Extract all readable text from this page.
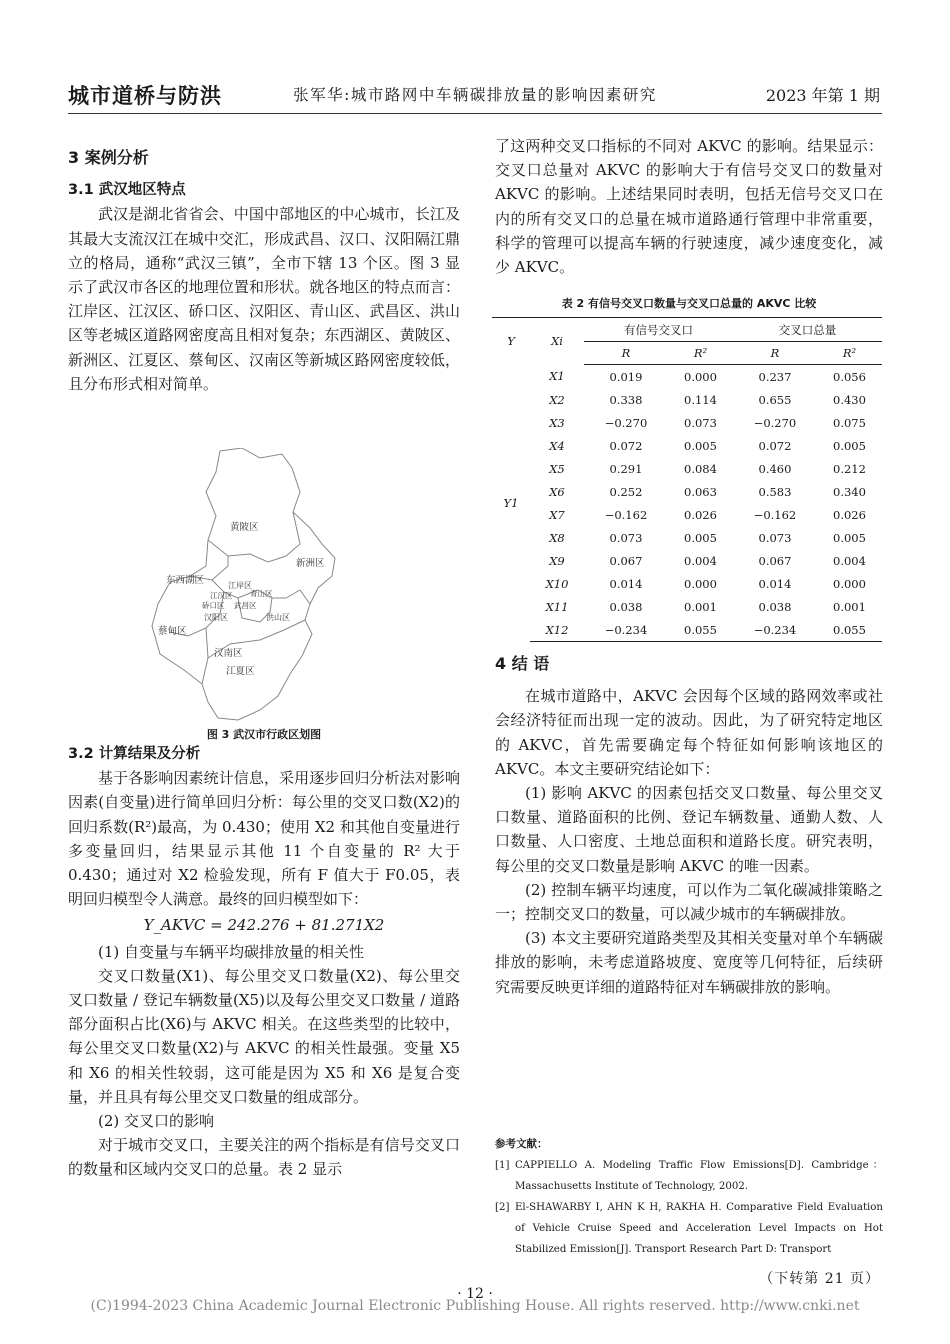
城市道桥与防洪	张军华:城市路网中车辆碳排放量的影响因素研究	2023 年第 1 期
3 案例分析
3.1 武汉地区特点

武汉是湖北省省会、中国中部地区的中心城市，长江及其最大支流汉江在城中交汇，形成武昌、汉口、汉阳隔江鼎立的格局，通称“武汉三镇”，全市下辖 13 个区。图 3 显示了武汉市各区的地理位置和形状。就各地区的特点而言：江岸区、江汉区、硚口区、汉阳区、青山区、武昌区、洪山区等老城区道路网密度高且相对复杂；东西湖区、黄陂区、新洲区、江夏区、蔡甸区、汉南区等新城区路网密度较低，且分布形式相对简单。

黄陂区
新洲区
东西湖区	江岸区
江汉区 青山区
硚口区 武昌区
汉阳区	洪山区
蔡甸区
汉南区
江夏区
图 3 武汉市行政区划图
3.2 计算结果及分析

基于各影响因素统计信息，采用逐步回归分析法对影响因素(自变量)进行简单回归分析：每公里的交叉口数(X2)的回归系数(R²)最高，为 0.430；使用 X2 和其他自变量进行多变量回归，结果显示其他 11 个自变量的 R² 大于 0.430；通过对 X2 检验发现，所有 F 值大于 F0.05，表明回归模型令人满意。最终的回归模型如下：

Y_AKVC = 242.276 + 81.271X2

(1) 自变量与车辆平均碳排放量的相关性

交叉口数量(X1)、每公里交叉口数量(X2)、每公里交叉口数量 / 登记车辆数量(X5)以及每公里交叉口数量 / 道路部分面积占比(X6)与 AKVC 相关。在这些类型的比较中，每公里交叉口数量(X2)与 AKVC 的相关性最强。变量 X5 和 X6 的相关性较弱，这可能是因为 X5 和 X6 是复合变量，并且具有每公里交叉口数量的组成部分。

(2) 交叉口的影响

对于城市交叉口，主要关注的两个指标是有信号交叉口的数量和区域内交叉口的总量。表 2 显示

了这两种交叉口指标的不同对 AKVC 的影响。结果显示：交叉口总量对 AKVC 的影响大于有信号交叉口的数量对 AKVC 的影响。上述结果同时表明，包括无信号交叉口在内的所有交叉口的总量在城市道路通行管理中非常重要，科学的管理可以提高车辆的行驶速度，减少速度变化，减少 AKVC。

表 2 有信号交叉口数量与交叉口总量的 AKVC 比较
Y	Xi	有信号交叉口		交叉口总量	
		R	R²	R	R²
Y1	X1	0.019	0.000	0.237	0.056
	X2	0.338	0.114	0.655	0.430
	X3	−0.270	0.073	−0.270	0.075
	X4	0.072	0.005	0.072	0.005
	X5	0.291	0.084	0.460	0.212
	X6	0.252	0.063	0.583	0.340
	X7	−0.162	0.026	−0.162	0.026
	X8	0.073	0.005	0.073	0.005
	X9	0.067	0.004	0.067	0.004
	X10	0.014	0.000	0.014	0.000
	X11	0.038	0.001	0.038	0.001
	X12	−0.234	0.055	−0.234	0.055
4 结 语

在城市道路中，AKVC 会因每个区域的路网效率或社会经济特征而出现一定的波动。因此，为了研究特定地区的 AKVC，首先需要确定每个特征如何影响该地区的 AKVC。本文主要研究结论如下：

(1) 影响 AKVC 的因素包括交叉口数量、每公里交叉口数量、道路面积的比例、登记车辆数量、通勤人数、人口数量、人口密度、土地总面积和道路长度。研究表明，每公里的交叉口数量是影响 AKVC 的唯一因素。

(2) 控制车辆平均速度，可以作为二氧化碳减排策略之一；控制交叉口的数量，可以减少城市的车辆碳排放。

(3) 本文主要研究道路类型及其相关变量对单个车辆碳排放的影响，未考虑道路坡度、宽度等几何特征，后续研究需要反映更详细的道路特征对车辆碳排放的影响。

参考文献：
[1] CAPPIELLO A. Modeling Traffic Flow Emissions[D]. Cambridge：Massachusetts Institute of Technology, 2002.
[2] El-SHAWARBY I, AHN K H, RAKHA H. Comparative Field Evaluation of Vehicle Cruise Speed and Acceleration Level Impacts on Hot Stabilized Emission[J]. Transport Research Part D: Transport
（下转第 21 页）
· 12 ·
(C)1994-2023 China Academic Journal Electronic Publishing House. All rights reserved. http://www.cnki.net
